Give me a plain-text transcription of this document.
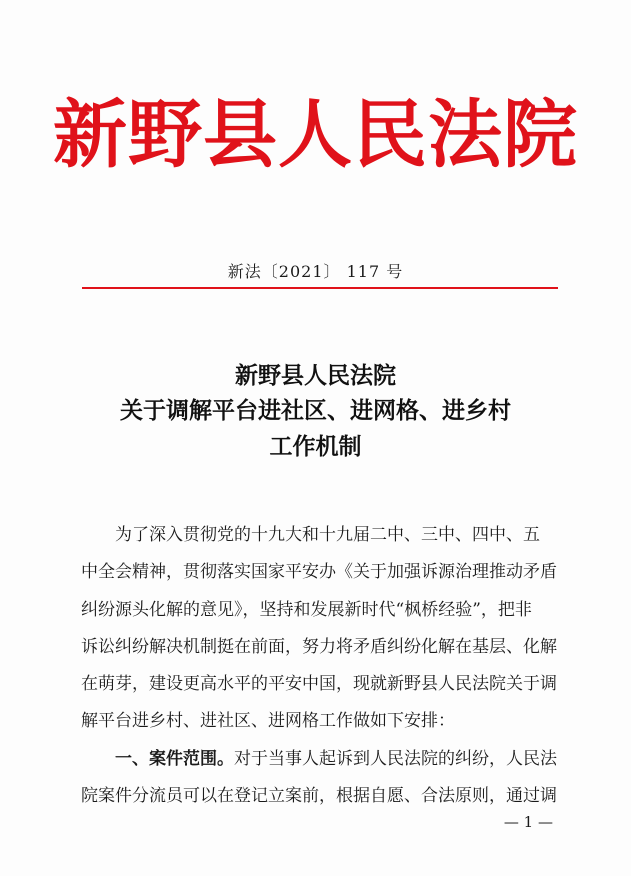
新野县人民法院
新法〔2021〕 117 号
新野县人民法院
关于调解平台进社区、进网格、进乡村
工作机制
为了深入贯彻党的十九大和十九届二中、三中、四中、五
中全会精神，贯彻落实国家平安办《关于加强诉源治理推动矛盾
纠纷源头化解的意见》，坚持和发展新时代“枫桥经验”，把非
诉讼纠纷解决机制挺在前面，努力将矛盾纠纷化解在基层、化解
在萌芽，建设更高水平的平安中国，现就新野县人民法院关于调
解平台进乡村、进社区、进网格工作做如下安排：
一、案件范围。对于当事人起诉到人民法院的纠纷，人民法
院案件分流员可以在登记立案前，根据自愿、合法原则，通过调
— 1 —
